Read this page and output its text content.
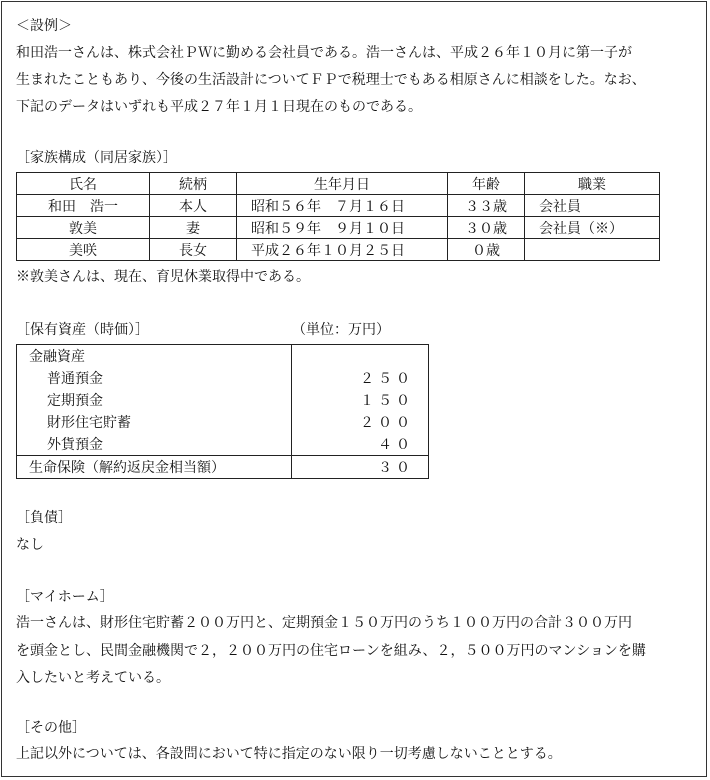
＜設例＞
和田浩一さんは、株式会社ＰＷに勤める会社員である。浩一さんは、平成２６年１０月に第一子が
生まれたこともあり、今後の生活設計についてＦＰで税理士でもある相原さんに相談をした。なお、
下記のデータはいずれも平成２７年１月１日現在のものである。
［家族構成（同居家族）］
氏名	続柄	生年月日	年齢	職業
和田　浩一	本人	昭和５６年　７月１６日	３３歳	会社員
敦美	妻	昭和５９年　９月１０日	３０歳	会社員（※）
美咲	長女	平成２６年１０月２５日	０歳	
※敦美さんは、現在、育児休業取得中である。
［保有資産（時価）］	（単位：万円）
金融資産	
普通預金	２５０
定期預金	１５０
財形住宅貯蓄	２００
外貨預金	４０
生命保険（解約返戻金相当額）	３０
［負債］
なし
［マイホーム］
浩一さんは、財形住宅貯蓄２００万円と、定期預金１５０万円のうち１００万円の合計３００万円
を頭金とし、民間金融機関で２，２００万円の住宅ローンを組み、２，５００万円のマンションを購
入したいと考えている。
［その他］
上記以外については、各設問において特に指定のない限り一切考慮しないこととする。
